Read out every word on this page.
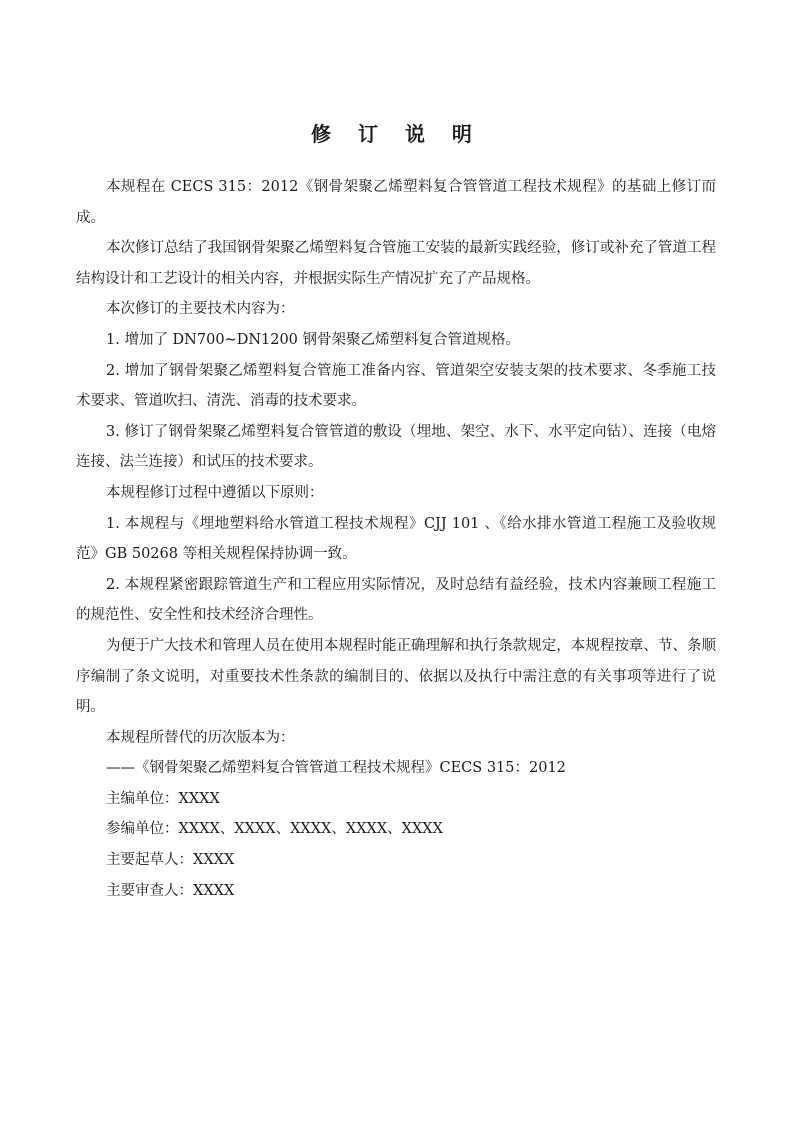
修 订 说 明

本规程在 CECS 315：2012《钢骨架聚乙烯塑料复合管管道工程技术规程》的基础上修订而成。

本次修订总结了我国钢骨架聚乙烯塑料复合管施工安装的最新实践经验，修订或补充了管道工程结构设计和工艺设计的相关内容，并根据实际生产情况扩充了产品规格。

本次修订的主要技术内容为：

1. 增加了 DN700~DN1200 钢骨架聚乙烯塑料复合管道规格。

2. 增加了钢骨架聚乙烯塑料复合管施工准备内容、管道架空安装支架的技术要求、冬季施工技术要求、管道吹扫、清洗、消毒的技术要求。

3. 修订了钢骨架聚乙烯塑料复合管管道的敷设（埋地、架空、水下、水平定向钻）、连接（电熔连接、法兰连接）和试压的技术要求。

本规程修订过程中遵循以下原则：

1. 本规程与《埋地塑料给水管道工程技术规程》CJJ 101 、《给水排水管道工程施工及验收规范》GB 50268 等相关规程保持协调一致。

2. 本规程紧密跟踪管道生产和工程应用实际情况，及时总结有益经验，技术内容兼顾工程施工的规范性、安全性和技术经济合理性。

为便于广大技术和管理人员在使用本规程时能正确理解和执行条款规定，本规程按章、节、条顺序编制了条文说明，对重要技术性条款的编制目的、依据以及执行中需注意的有关事项等进行了说明。

本规程所替代的历次版本为：

——《钢骨架聚乙烯塑料复合管管道工程技术规程》CECS 315：2012

主编单位：XXXX

参编单位：XXXX、XXXX、XXXX、XXXX、XXXX

主要起草人：XXXX

主要审查人：XXXX
